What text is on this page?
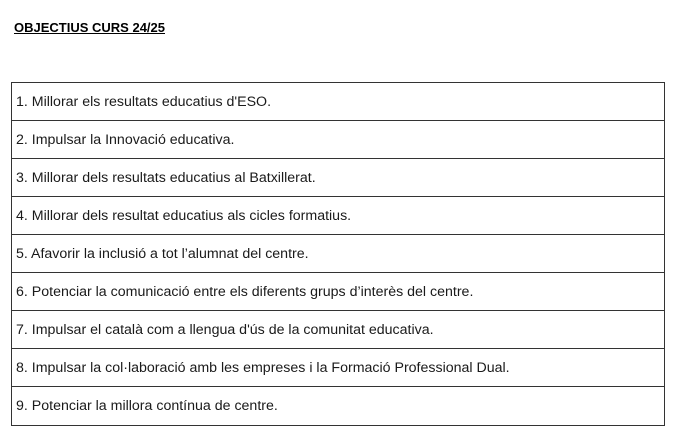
OBJECTIUS CURS 24/25
1. Millorar els resultats educatius d'ESO.
2. Impulsar la Innovació educativa.
3. Millorar dels resultats educatius al Batxillerat.
4. Millorar dels resultat educatius als cicles formatius.
5. Afavorir la inclusió a tot l’alumnat del centre.
6. Potenciar la comunicació entre els diferents grups d’interès del centre.
7. Impulsar el català com a llengua d'ús de la comunitat educativa.
8. Impulsar la col·laboració amb les empreses i la Formació Professional Dual.
9. Potenciar la millora contínua de centre.
